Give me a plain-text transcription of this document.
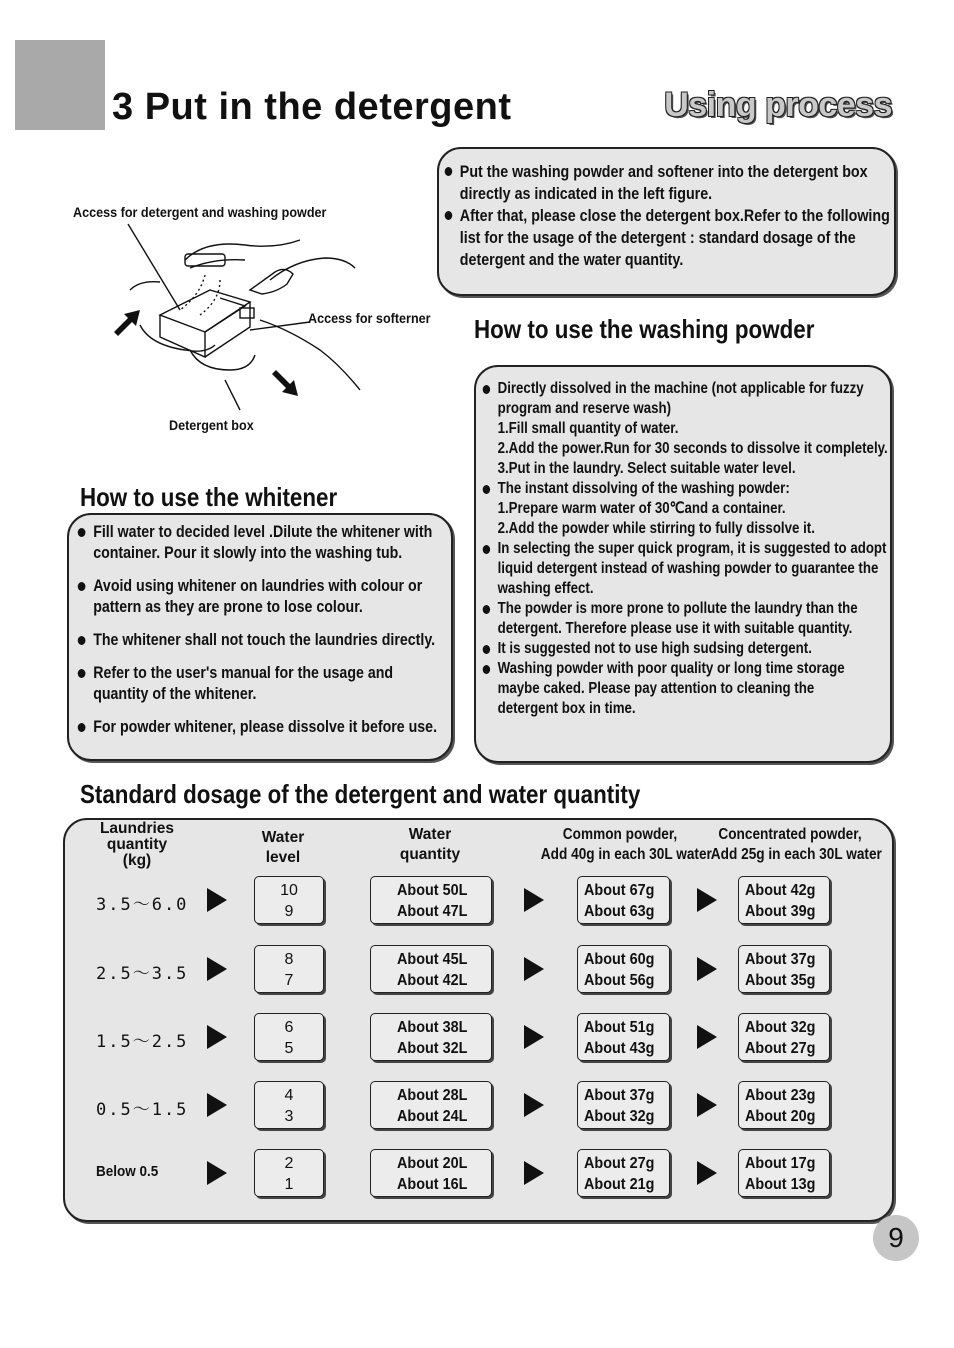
3 Put in the detergent	Using process
Access for detergent and washing powder
Access for softerner
Detergent box
Put the washing powder and softener into the detergent box
directly as indicated in the left figure.
After that, please close the detergent box.Refer to the following
list for the usage of the detergent : standard dosage of the
detergent and the water quantity.
How to use the washing powder
Directly dissolved in the machine (not applicable for fuzzy
program and reserve wash)
1.Fill small quantity of water.
2.Add the power.Run for 30 seconds to dissolve it completely.
3.Put in the laundry. Select suitable water level.
The instant dissolving of the washing powder:
1.Prepare warm water of 30℃and a container.
2.Add the powder while stirring to fully dissolve it.
In selecting the super quick program, it is suggested to adopt
liquid detergent instead of washing powder to guarantee the
washing effect.
The powder is more prone to pollute the laundry than the
detergent. Therefore please use it with suitable quantity.
It is suggested not to use high sudsing detergent.
Washing powder with poor quality or long time storage
maybe caked. Please pay attention to cleaning the
detergent box in time.
How to use the whitener
Fill water to decided level .Dilute the whitener with
container. Pour it slowly into the washing tub.
Avoid using whitener on laundries with colour or
pattern as they are prone to lose colour.
The whitener shall not touch the laundries directly.
Refer to the user's manual for the usage and
quantity of the whitener.
For powder whitener, please dissolve it before use.
Standard dosage of the detergent and water quantity
Laundries
quantity
(kg)
Water
level
Water
quantity
Common powder,
Add 40g in each 30L water
Concentrated powder,
Add 25g in each 30L water
3.5～6.0
10
9
About 50L
About 47L
About 67g
About 63g
About 42g
About 39g
2.5～3.5
8
7
About 45L
About 42L
About 60g
About 56g
About 37g
About 35g
1.5～2.5
6
5
About 38L
About 32L
About 51g
About 43g
About 32g
About 27g
0.5～1.5
4
3
About 28L
About 24L
About 37g
About 32g
About 23g
About 20g
Below 0.5	2
1
About 20L
About 16L
About 27g
About 21g
About 17g
About 13g
9
